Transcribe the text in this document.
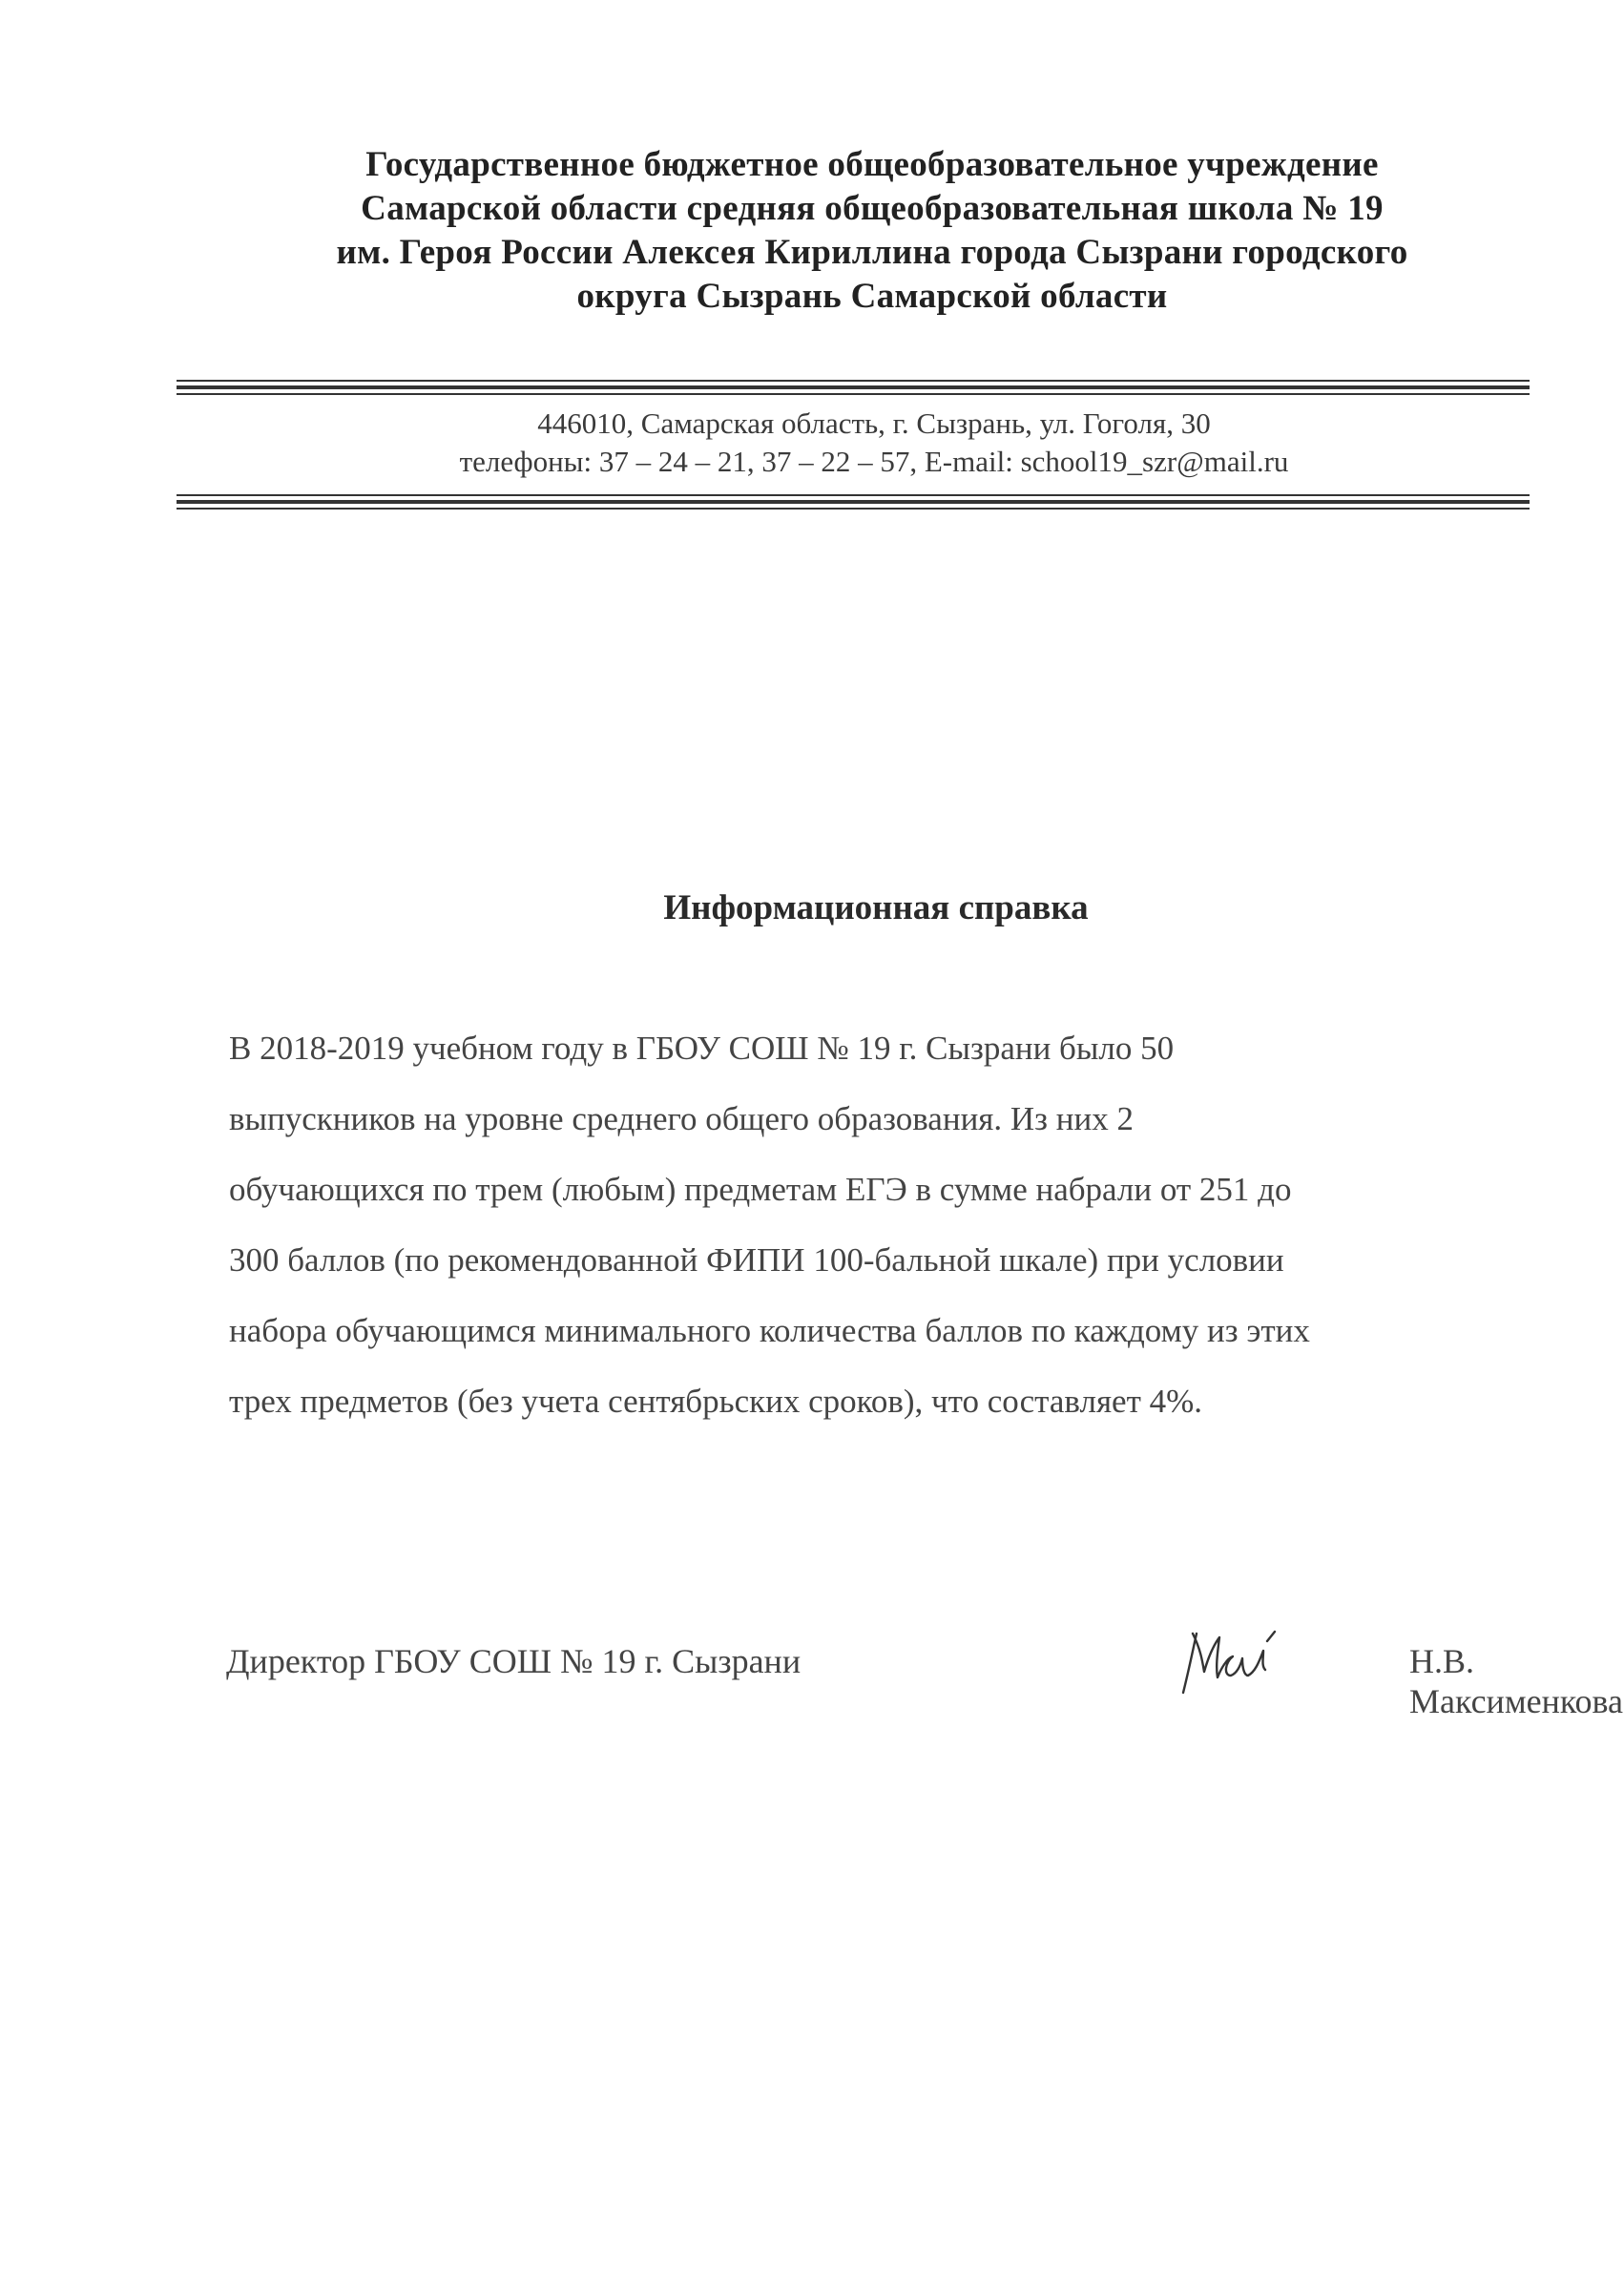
Государственное бюджетное общеобразовательное учреждение
Самарской области средняя общеобразовательная школа № 19
им. Героя России Алексея Кириллина города Сызрани городского
округа Сызрань Самарской области
446010, Самарская область, г. Сызрань, ул. Гоголя, 30
телефоны: 37 – 24 – 21, 37 – 22 – 57, E-mail: school19_szr@mail.ru
Информационная справка
В 2018-2019 учебном году в ГБОУ СОШ № 19 г. Сызрани было 50
выпускников на уровне среднего общего образования. Из них 2
обучающихся по трем (любым) предметам ЕГЭ в сумме набрали от 251 до
300 баллов (по рекомендованной ФИПИ 100-бальной шкале) при условии
набора обучающимся минимального количества баллов по каждому из этих
трех предметов (без учета сентябрьских сроков), что составляет 4%.
Директор ГБОУ СОШ № 19 г. Сызрани	Н.В. Максименкова
